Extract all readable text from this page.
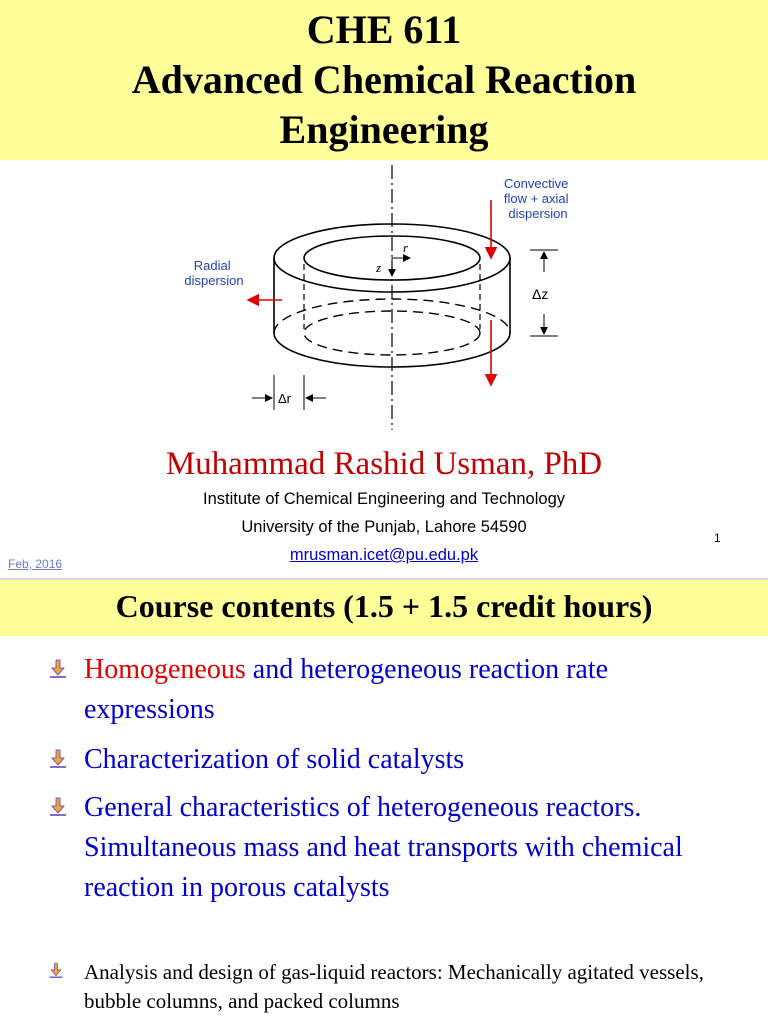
CHE 611
Advanced Chemical Reaction
Engineering
r
z
Convective flow + axial dispersion
Radial dispersion
Δz
Δr
Muhammad Rashid Usman, PhD
Institute of Chemical Engineering and Technology
University of the Punjab, Lahore 54590
mrusman.icet@pu.edu.pk
Feb, 2016
1
Course contents (1.5 + 1.5 credit hours)
Homogeneous and heterogeneous reaction rate expressions
Characterization of solid catalysts
General characteristics of heterogeneous reactors. Simultaneous mass and heat transports with chemical reaction in porous catalysts
Analysis and design of gas-liquid reactors: Mechanically agitated vessels, bubble columns, and packed columns
